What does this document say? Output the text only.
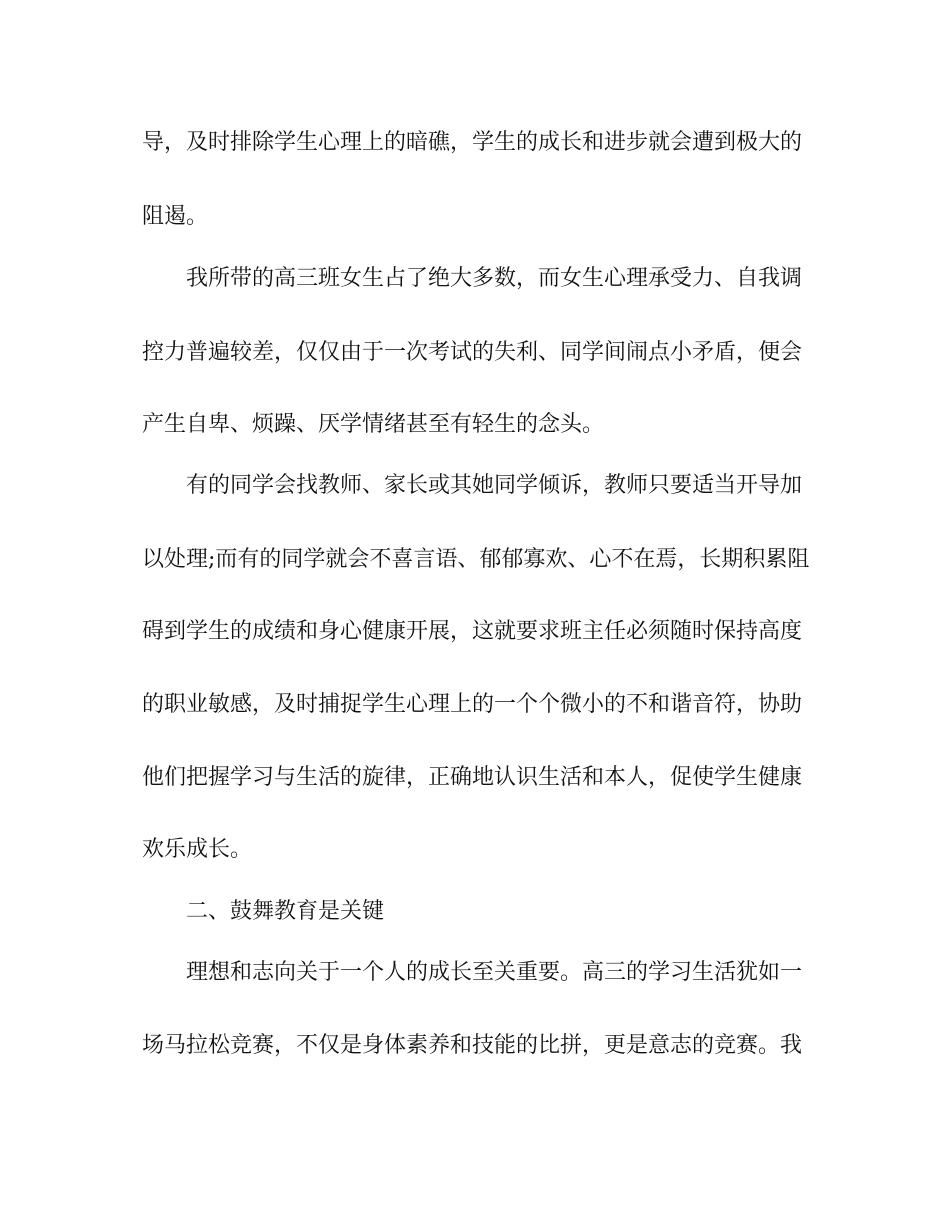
导，及时排除学生心理上的暗礁，学生的成长和进步就会遭到极大的

阻遏。

我所带的高三班女生占了绝大多数，而女生心理承受力、自我调

控力普遍较差，仅仅由于一次考试的失利、同学间闹点小矛盾，便会

产生自卑、烦躁、厌学情绪甚至有轻生的念头。

有的同学会找教师、家长或其她同学倾诉，教师只要适当开导加

以处理;而有的同学就会不喜言语、郁郁寡欢、心不在焉，长期积累阻

碍到学生的成绩和身心健康开展，这就要求班主任必须随时保持高度

的职业敏感，及时捕捉学生心理上的一个个微小的不和谐音符，协助

他们把握学习与生活的旋律，正确地认识生活和本人，促使学生健康

欢乐成长。

二、鼓舞教育是关键

理想和志向关于一个人的成长至关重要。高三的学习生活犹如一

场马拉松竞赛，不仅是身体素养和技能的比拼，更是意志的竞赛。我
